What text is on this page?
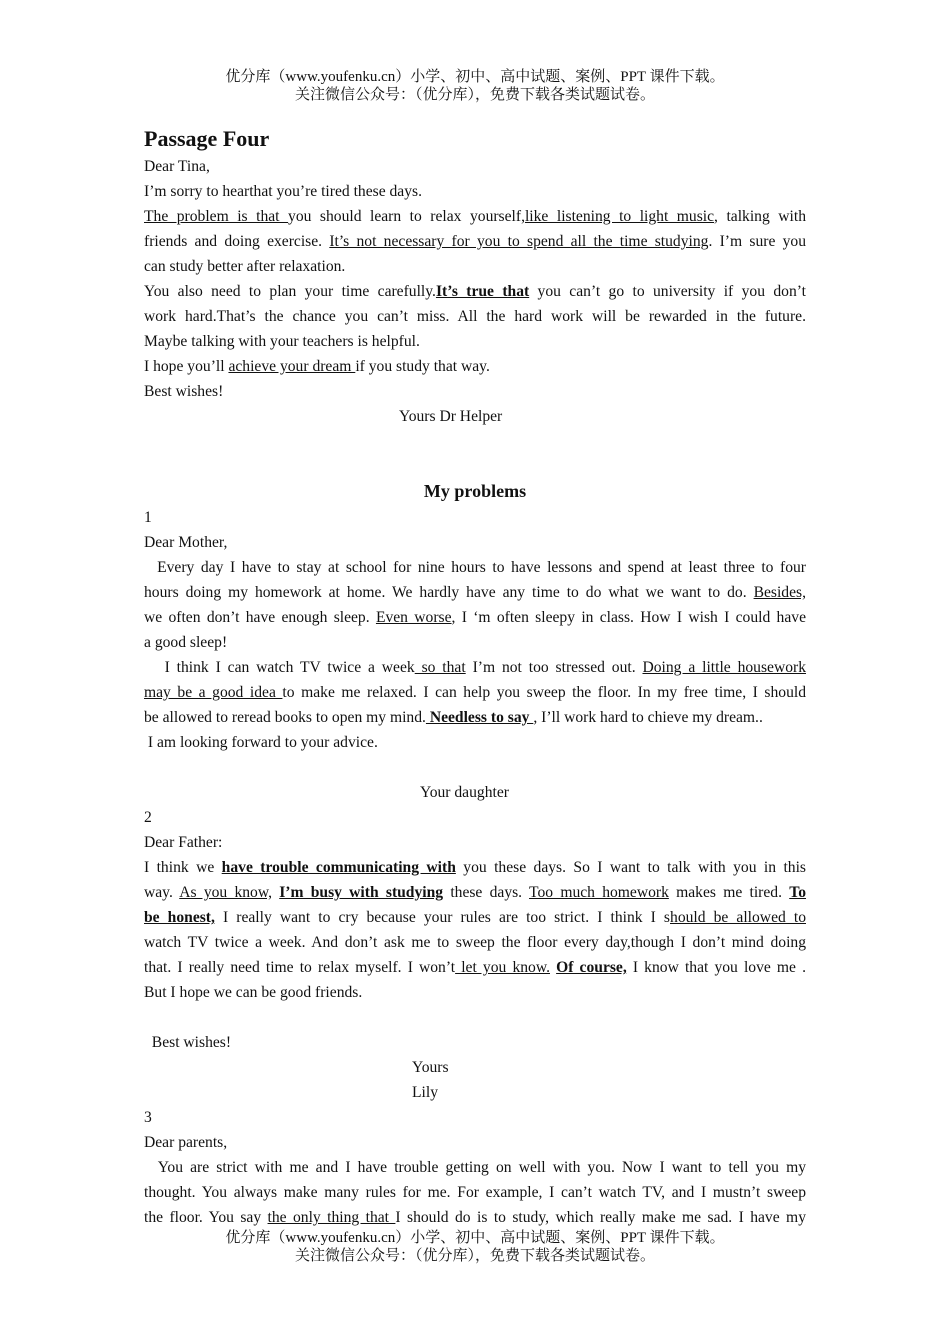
优分库（www.youfenku.cn）小学、初中、高中试题、案例、PPT 课件下载。
关注微信公众号：（优分库），免费下载各类试题试卷。
Passage Four
Dear Tina,
I’m sorry to hearthat you’re tired these days.
The problem is that you should learn to relax yourself,like listening to light music, talking with
friends and doing exercise. It’s not necessary for you to spend all the time studying. I’m sure you
can study better after relaxation.
You also need to plan your time carefully.It’s true that you can’t go to university if you don’t
work hard.That’s the chance you can’t miss. All the hard work will be rewarded in the future.
Maybe talking with your teachers is helpful.
I hope you’ll achieve your dream if you study that way.
Best wishes!
Yours Dr Helper
My problems
1
Dear Mother,
Every day I have to stay at school for nine hours to have lessons and spend at least three to four
hours doing my homework at home. We hardly have any time to do what we want to do. Besides,
we often don’t have enough sleep. Even worse, I ‘m often sleepy in class. How I wish I could have
a good sleep!
I think I can watch TV twice a week so that I’m not too stressed out. Doing a little housework
may be a good idea to make me relaxed. I can help you sweep the floor. In my free time, I should
be allowed to reread books to open my mind. Needless to say , I’ll work hard to chieve my dream..
I am looking forward to your advice.
Your daughter
2
Dear Father:
I think we have trouble communicating with you these days. So I want to talk with you in this
way. As you know, I’m busy with studying these days. Too much homework makes me tired. To
be honest, I really want to cry because your rules are too strict. I think I should be allowed to
watch TV twice a week. And don’t ask me to sweep the floor every day,though I don’t mind doing
that. I really need time to relax myself. I won’t let you know. Of course, I know that you love me .
But I hope we can be good friends.
Best wishes!
Yours
Lily
3
Dear parents,
You are strict with me and I have trouble getting on well with you. Now I want to tell you my
thought. You always make many rules for me. For example, I can’t watch TV, and I mustn’t sweep
the floor. You say the only thing that I should do is to study, which really make me sad. I have my
优分库（www.youfenku.cn）小学、初中、高中试题、案例、PPT 课件下载。
关注微信公众号：（优分库），免费下载各类试题试卷。
